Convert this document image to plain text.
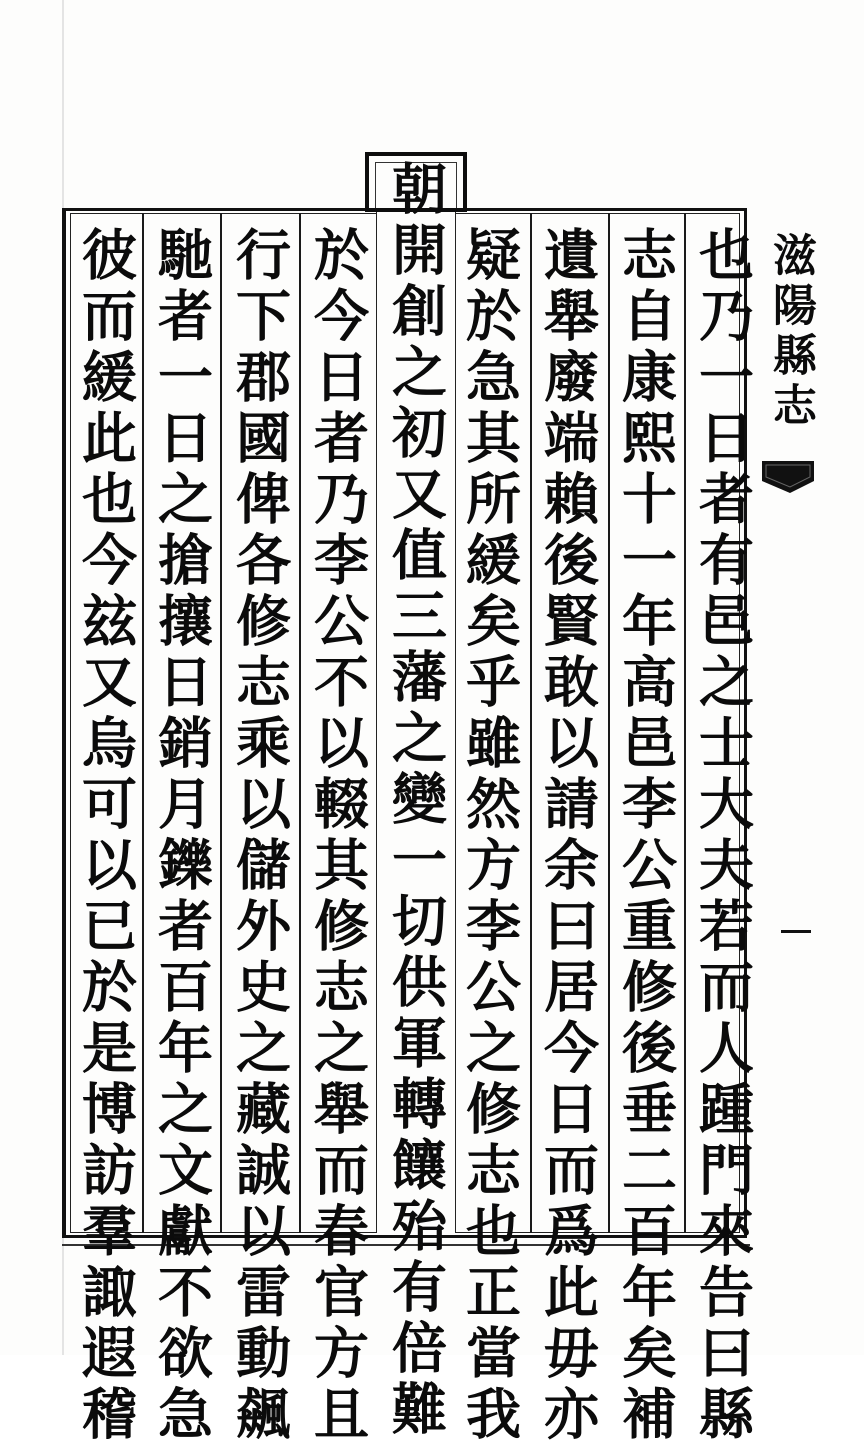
也乃一日者有邑之士大夫若而人踵門來告曰縣
志自康熙十一年高邑李公重修後垂二百年矣補
遺舉廢端賴後賢敢以請余曰居今日而爲此毋亦
疑於急其所緩矣乎雖然方李公之修志也正當我
朝開創之初又值三藩之變一切供軍轉饟殆有倍難
於今日者乃李公不以輟其修志之舉而春官方且
行下郡國俾各修志乘以儲外史之藏誠以雷動飆
馳者一日之搶攘日銷月鑠者百年之文獻不欲急
彼而緩此也今玆又烏可以已於是博訪羣諏遐稽	滋陽縣志
